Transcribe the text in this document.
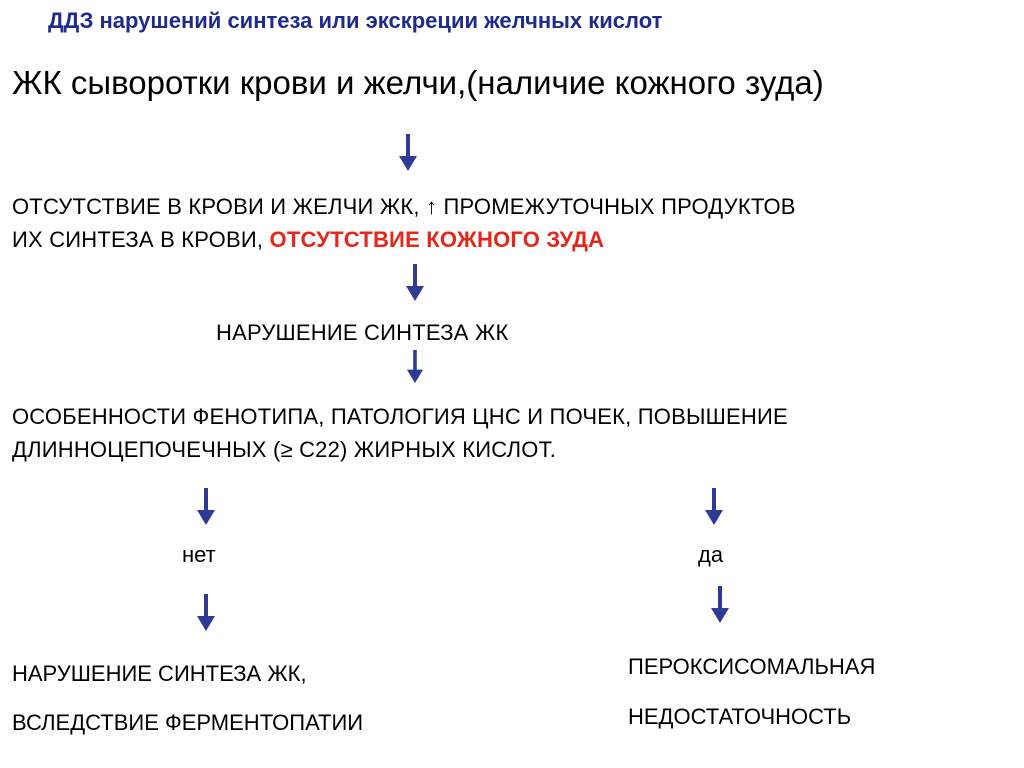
ДДЗ нарушений синтеза или экскреции желчных кислот
ЖК сыворотки крови и желчи,(наличие кожного зуда)
ОТСУТСТВИЕ В КРОВИ И ЖЕЛЧИ ЖК, ↑ ПРОМЕЖУТОЧНЫХ ПРОДУКТОВ
ИХ СИНТЕЗА В КРОВИ, ОТСУТСТВИЕ КОЖНОГО ЗУДА
НАРУШЕНИЕ СИНТЕЗА ЖК
ОСОБЕННОСТИ ФЕНОТИПА, ПАТОЛОГИЯ ЦНС И ПОЧЕК, ПОВЫШЕНИЕ
ДЛИННОЦЕПОЧЕЧНЫХ (≥ С22) ЖИРНЫХ КИСЛОТ.
нет
НАРУШЕНИЕ СИНТЕЗА ЖК,
ВСЛЕДСТВИЕ ФЕРМЕНТОПАТИИ
да
ПЕРОКСИСОМАЛЬНАЯ
НЕДОСТАТОЧНОСТЬ
